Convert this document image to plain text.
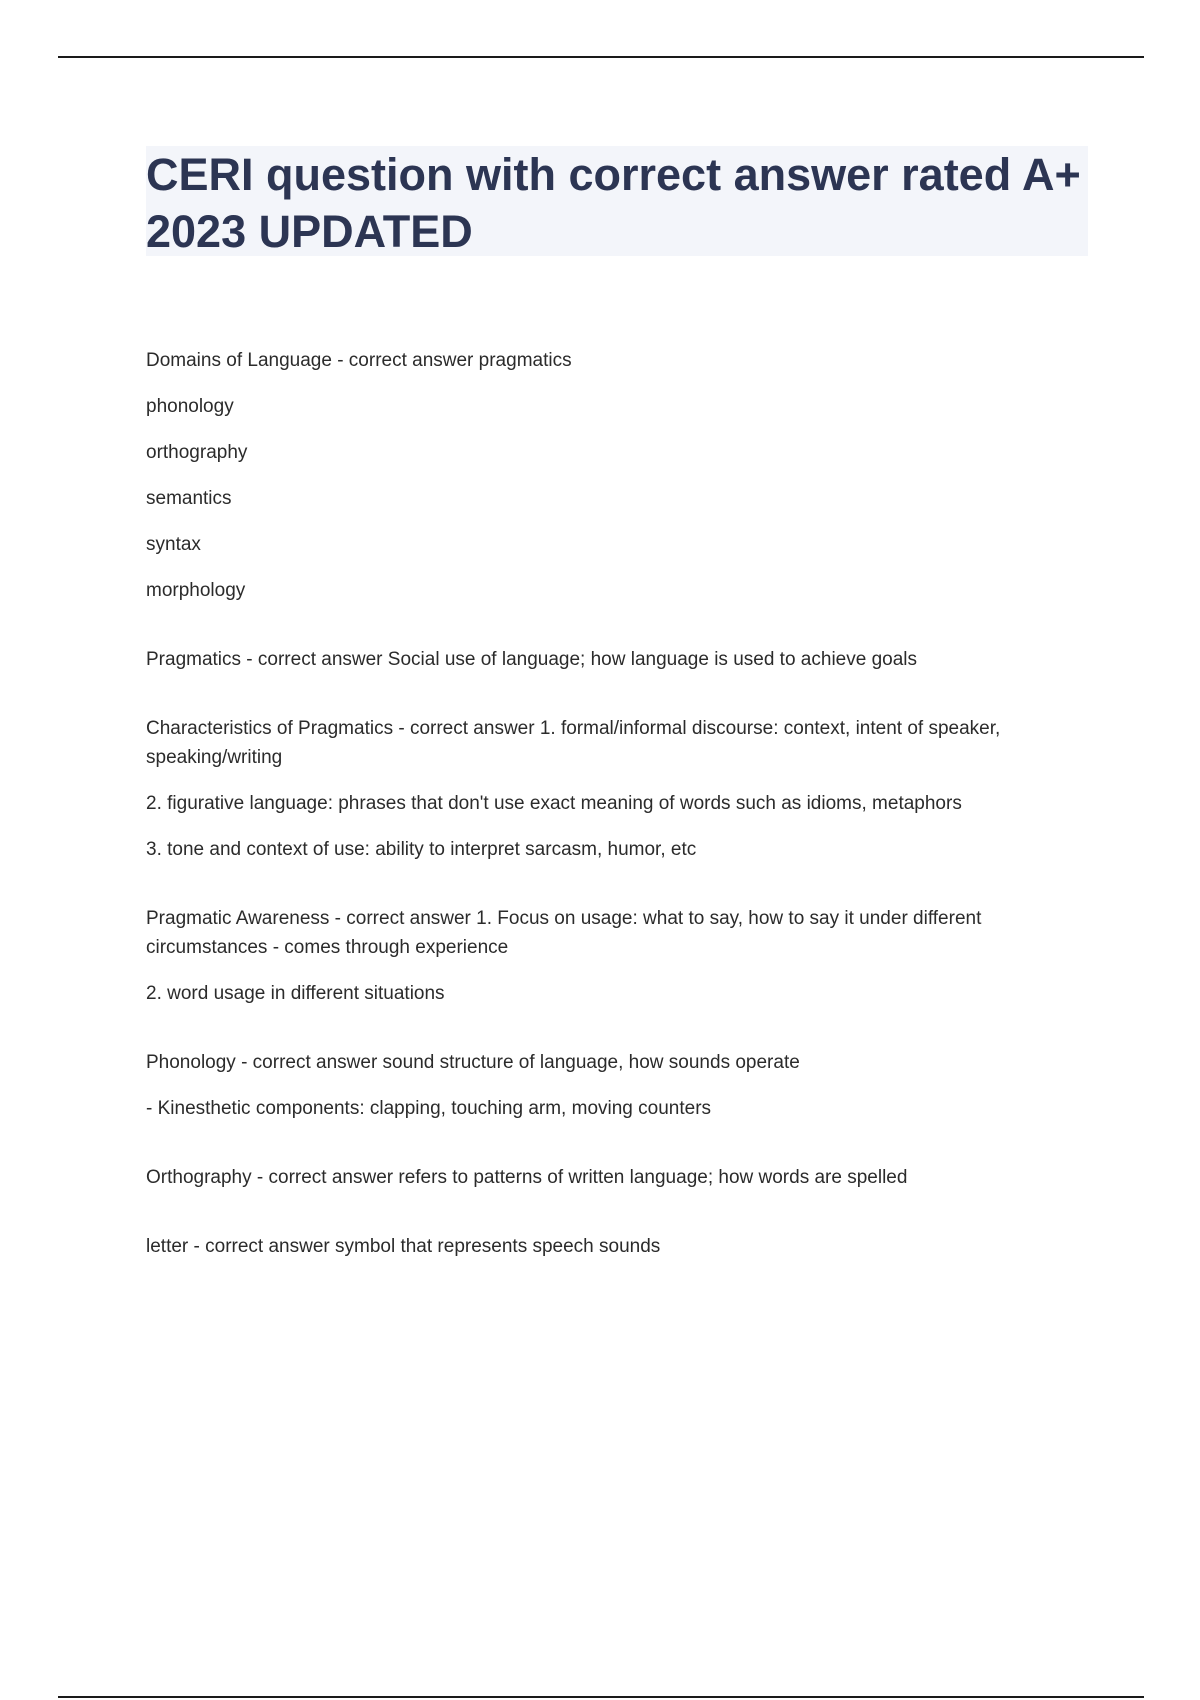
CERI question with correct answer rated A+ 2023 UPDATED

Domains of Language - correct answer pragmatics

phonology

orthography

semantics

syntax

morphology

Pragmatics - correct answer Social use of language; how language is used to achieve goals

Characteristics of Pragmatics - correct answer 1. formal/informal discourse: context, intent of speaker, speaking/writing

2. figurative language: phrases that don't use exact meaning of words such as idioms, metaphors

3. tone and context of use: ability to interpret sarcasm, humor, etc

Pragmatic Awareness - correct answer 1. Focus on usage: what to say, how to say it under different circumstances - comes through experience

2. word usage in different situations

Phonology - correct answer sound structure of language, how sounds operate

- Kinesthetic components: clapping, touching arm, moving counters

Orthography - correct answer refers to patterns of written language; how words are spelled

letter - correct answer symbol that represents speech sounds
